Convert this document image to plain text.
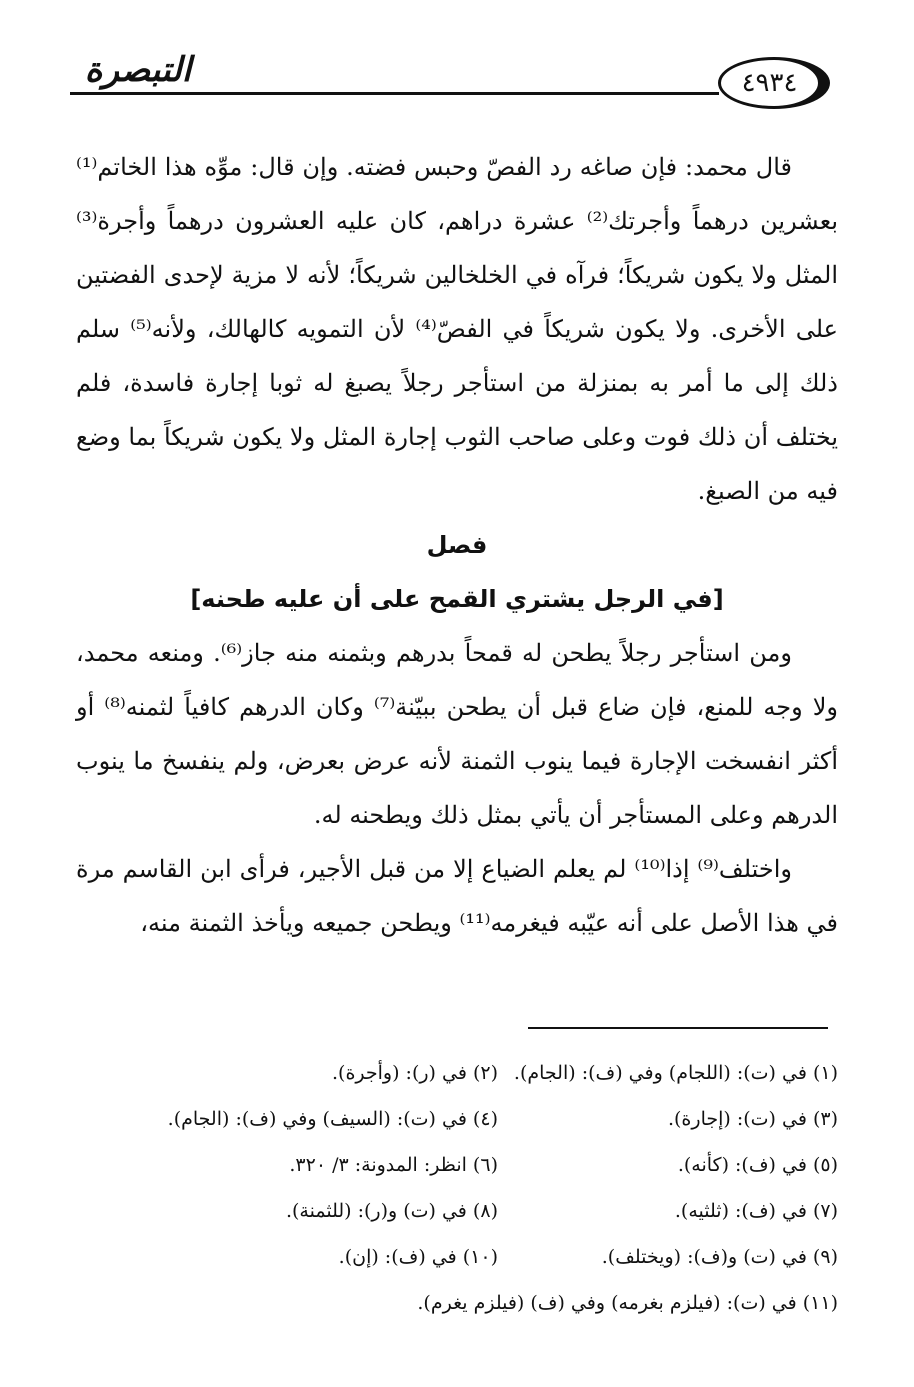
التبصرة	٤٩٣٤

قال محمد: فإن صاغه رد الفصّ وحبس فضته. وإن قال: موِّه هذا الخاتم⁽¹⁾ بعشرين درهماً وأجرتك⁽²⁾ عشرة دراهم، كان عليه العشرون درهماً وأجرة⁽³⁾ المثل ولا يكون شريكاً؛ فرآه في الخلخالين شريكاً؛ لأنه لا مزية لإحدى الفضتين على الأخرى. ولا يكون شريكاً في الفصّ⁽⁴⁾ لأن التمويه كالهالك، ولأنه⁽⁵⁾ سلم ذلك إلى ما أمر به بمنزلة من استأجر رجلاً يصبغ له ثوبا إجارة فاسدة، فلم يختلف أن ذلك فوت وعلى صاحب الثوب إجارة المثل ولا يكون شريكاً بما وضع فيه من الصبغ.

فصل

[في الرجل يشتري القمح على أن عليه طحنه]

ومن استأجر رجلاً يطحن له قمحاً بدرهم وبثمنه منه جاز⁽⁶⁾. ومنعه محمد، ولا وجه للمنع، فإن ضاع قبل أن يطحن ببيّنة⁽⁷⁾ وكان الدرهم كافياً لثمنه⁽⁸⁾ أو أكثر انفسخت الإجارة فيما ينوب الثمنة لأنه عرض بعرض، ولم ينفسخ ما ينوب الدرهم وعلى المستأجر أن يأتي بمثل ذلك ويطحنه له.

واختلف⁽⁹⁾ إذا⁽¹⁰⁾ لم يعلم الضياع إلا من قبل الأجير، فرأى ابن القاسم مرة في هذا الأصل على أنه عيّبه فيغرمه⁽¹¹⁾ ويطحن جميعه ويأخذ الثمنة منه،

(١) في (ت): (اللجام) وفي (ف): (الجام).
(٢) في (ر): (وأجرة).
(٣) في (ت): (إجارة).
(٤) في (ت): (السيف) وفي (ف): (الجام).
(٥) في (ف): (كأنه).
(٦) انظر: المدونة: ٣/ ٣٢٠.
(٧) في (ف): (ثلثيه).
(٨) في (ت) و(ر): (للثمنة).
(٩) في (ت) و(ف): (ويختلف).
(١٠) في (ف): (إن).
(١١) في (ت): (فيلزم بغرمه) وفي (ف) (فيلزم يغرم).
